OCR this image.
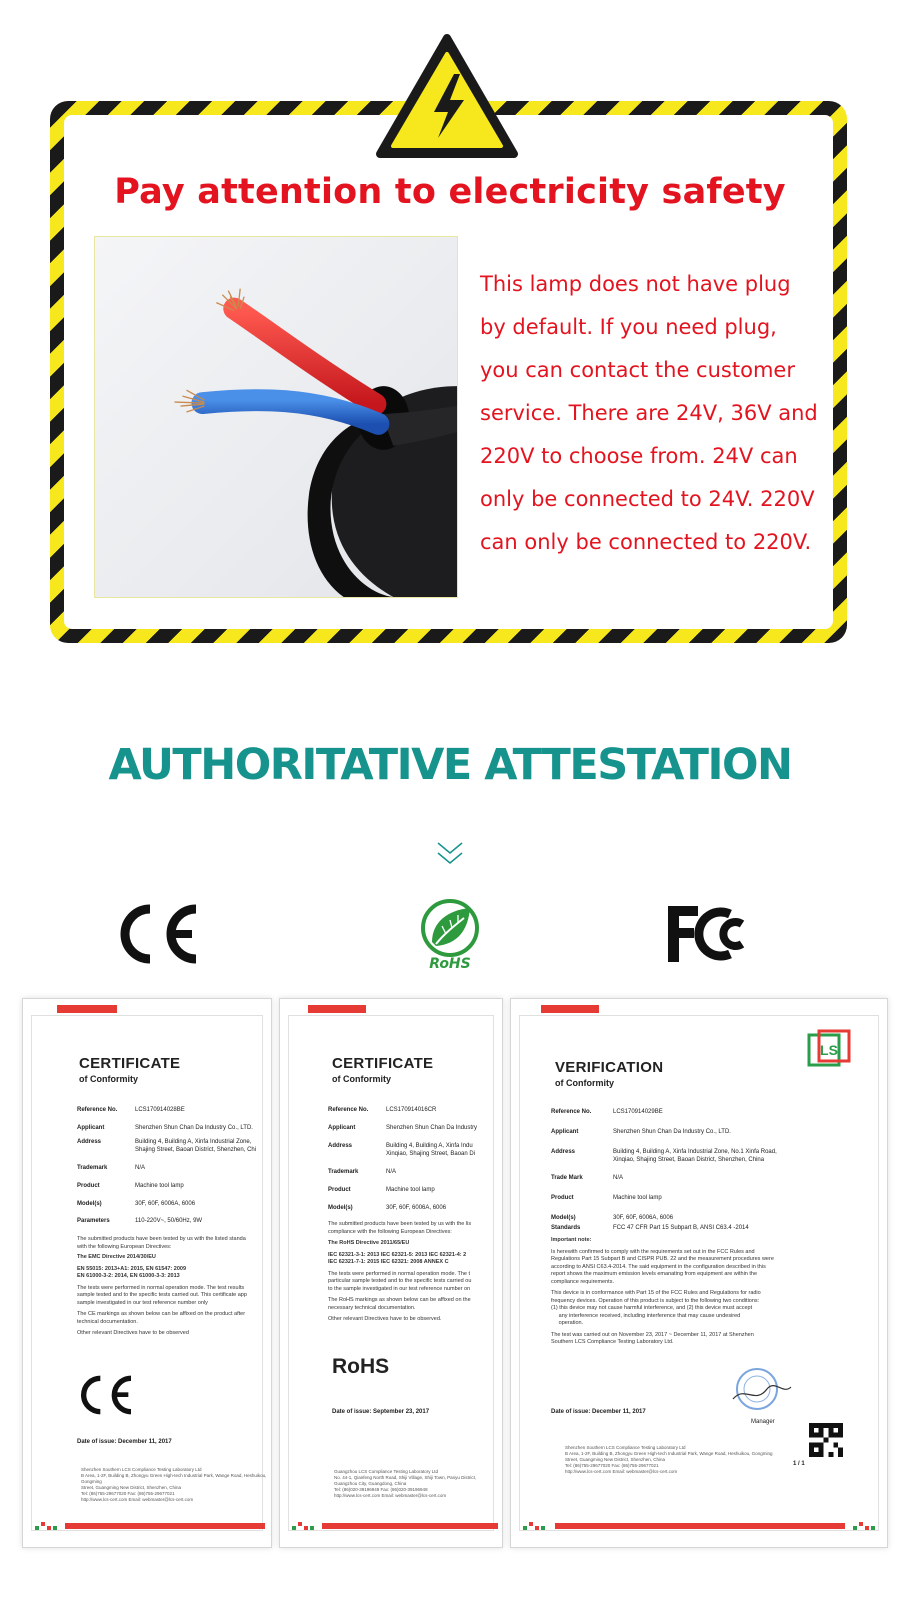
Pay attention to electricity safety
This lamp does not have plug
by default. If you need plug,
you can contact the customer
service. There are 24V, 36V and
220V to choose from. 24V can
only be connected to 24V. 220V
can only be connected to 220V.
AUTHORITATIVE ATTESTATION
RoHS
CERTIFICATE
of Conformity
Reference No.	LCS170914028BE
Applicant	Shenzhen Shun Chan Da Industry Co., LTD.
Address	Building 4, Building A, Xinfa Industrial Zone,
Shajing Street, Baoan District, Shenzhen, Chi
Trademark	N/A
Product	Machine tool lamp
Model(s)	30F, 60F, 6006A, 6006
Parameters	110-220V~, 50/60Hz, 9W
The submitted products have been tested by us with the listed standa
with the following European Directives:
The EMC Directive 2014/30/EU
EN 55015: 2013+A1: 2015, EN 61547: 2009
EN 61000-3-2: 2014, EN 61000-3-3: 2013
The tests were performed in normal operation mode. The test results
sample tested and to the specific tests carried out. This certificate app
sample investigated in our test reference number only
The CE markings as shown below can be affixed on the product after
technical documentation.
Other relevant Directives have to be observed
Date of issue: December 11, 2017
Shenzhen Southern LCS Compliance Testing Laboratory Ltd
B Area, 1-2F, Building B, Zhongyu Green High-tech Industrial Park, Wange Road, Heshuikou, Gongming
Street, Guangming New District, Shenzhen, China
Tel: (86)755-29677020 Fax: (86)755-29677021
http://www.lcs-cert.com Email: webmaster@lcs-cert.com
CERTIFICATE
of Conformity
Reference No.	LCS170914016CR
Applicant	Shenzhen Shun Chan Da Industry
Address	Building 4, Building A, Xinfa Indu
Xinqiao, Shajing Street, Baoan Di
Trademark	N/A
Product	Machine tool lamp
Model(s)	30F, 60F, 6006A, 6006
The submitted products have been tested by us with the lis
compliance with the following European Directives:
The RoHS Directive 2011/65/EU
IEC 62321-3-1: 2013 IEC 62321-5: 2013 IEC 62321-4: 2
IEC 62321-7-1: 2015 IEC 62321: 2008 ANNEX C
The tests were performed in normal operation mode. The t
particular sample tested and to the specific tests carried ou
to the sample investigated in our test reference number on
The RoHS markings as shown below can be affixed on the
necessary technical documentation.
Other relevant Directives have to be observed.
RoHS
Date of issue: September 23, 2017
Guangzhou LCS Compliance Testing Laboratory Ltd
No. 44-1, Qianfeng North Road, Shiji Village, Shiji Town, Panyu District,
Guangzhou City, Guangdong, China
Tel: (86)020-39196949 Fax: (86)020-39196948
http://www.lcs-cert.com Email: webmaster@lcs-cert.com
LS
VERIFICATION
of Conformity
Reference No.	LCS170914029BE
Applicant	Shenzhen Shun Chan Da Industry Co., LTD.
Address	Building 4, Building A, Xinfa Industrial Zone, No.1 Xinfa Road,
Xinqiao, Shajing Street, Baoan District, Shenzhen, China
Trade Mark	N/A
Product	Machine tool lamp
Model(s)	30F, 60F, 6006A, 6006
Standards	FCC 47 CFR Part 15 Subpart B, ANSI C63.4 -2014
Important note:
Is herewith confirmed to comply with the requirements set out in the FCC Rules and
Regulations Part 15 Subpart B and CISPR PUB. 22 and the measurement procedures were
according to ANSI C63.4-2014. The said equipment in the configuration described in this
report shows the maximum emission levels emanating from equipment are within the
compliance requirements.
This device is in conformance with Part 15 of the FCC Rules and Regulations for radio
frequency devices. Operation of this product is subject to the following two conditions:
(1) this device may not cause harmful interference, and (2) this device must accept
any interference received, including interference that may cause undesired
operation.
The test was carried out on November 23, 2017 ~ December 11, 2017 at Shenzhen
Southern LCS Compliance Testing Laboratory Ltd.
Manager
Date of issue: December 11, 2017
Shenzhen Southern LCS Compliance Testing Laboratory Ltd
B Area, 1-2F, Building B, Zhongyu Green High-tech Industrial Park, Wange Road, Heshuikou, Gongming
Street, Guangming New District, Shenzhen, China
Tel: (86)755-29677020 Fax: (86)755-29677021
http://www.lcs-cert.com Email: webmaster@lcs-cert.com
1 / 1
